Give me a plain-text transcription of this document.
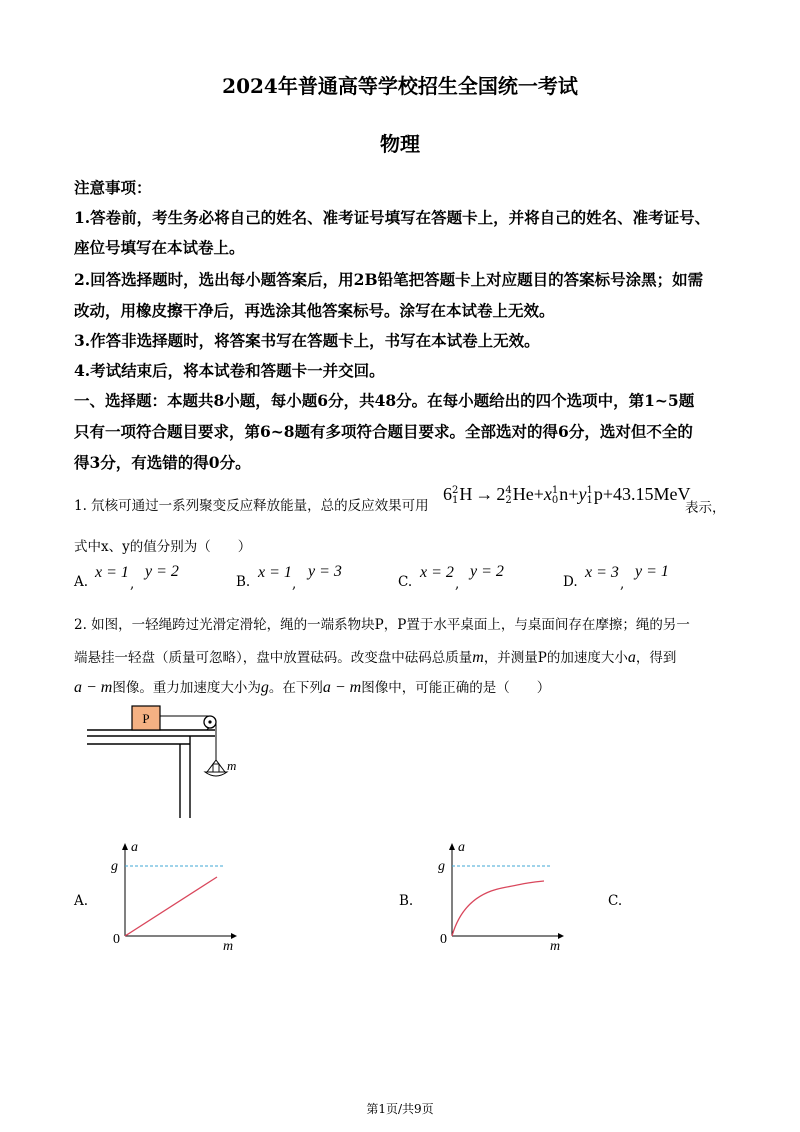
2024年普通高等学校招生全国统一考试
物理
注意事项：
1.答卷前，考生务必将自己的姓名、准考证号填写在答题卡上，并将自己的姓名、准考证号、
座位号填写在本试卷上。
2.回答选择题时，选出每小题答案后，用2B铅笔把答题卡上对应题目的答案标号涂黑；如需
改动，用橡皮擦干净后，再选涂其他答案标号。涂写在本试卷上无效。
3.作答非选择题时，将答案书写在答题卡上，书写在本试卷上无效。
4.考试结束后，将本试卷和答题卡一并交回。
一、选择题：本题共8小题，每小题6分，共48分。在每小题给出的四个选项中，第1~5题
只有一项符合题目要求，第6~8题有多项符合题目要求。全部选对的得6分，选对但不全的
得3分，有选错的得0分。
1. 氘核可通过一系列聚变反应释放能量，总的反应效果可用
62
1H → 24
2He+x1
0n+y1
1p+43.15MeV
表示，
式中x、y的值分别为（　　）
A.
x = 1
,
y = 2
B.
x = 1
,
y = 3
C.
x = 2
,
y = 2
D.
x = 3
,
y = 1
2. 如图，一轻绳跨过光滑定滑轮，绳的一端系物块P，P置于水平桌面上，与桌面间存在摩擦；绳的另一
端悬挂一轻盘（质量可忽略），盘中放置砝码。改变盘中砝码总质量m，并测量P的加速度大小a，得到
a − m图像。重力加速度大小为g。在下列a − m图像中，可能正确的是（　　）
P
m
A.
a
g
0	m
B.
a
g
0	m
C.
第1页/共9页
